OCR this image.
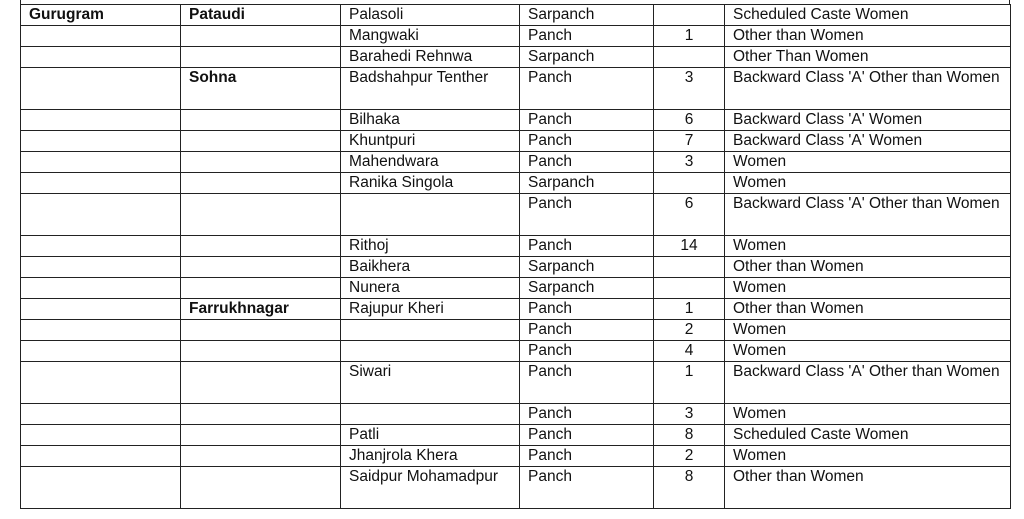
Gurugram	Pataudi	Palasoli	Sarpanch		Scheduled Caste Women
		Mangwaki	Panch	1	Other than Women
		Barahedi Rehnwa	Sarpanch		Other Than Women
	Sohna	Badshahpur Tenther	Panch	3	Backward Class 'A' Other than Women
		Bilhaka	Panch	6	Backward Class 'A' Women
		Khuntpuri	Panch	7	Backward Class 'A' Women
		Mahendwara	Panch	3	Women
		Ranika Singola	Sarpanch		Women
			Panch	6	Backward Class 'A' Other than Women
		Rithoj	Panch	14	Women
		Baikhera	Sarpanch		Other than Women
		Nunera	Sarpanch		Women
	Farrukhnagar	Rajupur Kheri	Panch	1	Other than Women
			Panch	2	Women
			Panch	4	Women
		Siwari	Panch	1	Backward Class 'A' Other than Women
			Panch	3	Women
		Patli	Panch	8	Scheduled Caste Women
		Jhanjrola Khera	Panch	2	Women
		Saidpur Mohamadpur	Panch	8	Other than Women
